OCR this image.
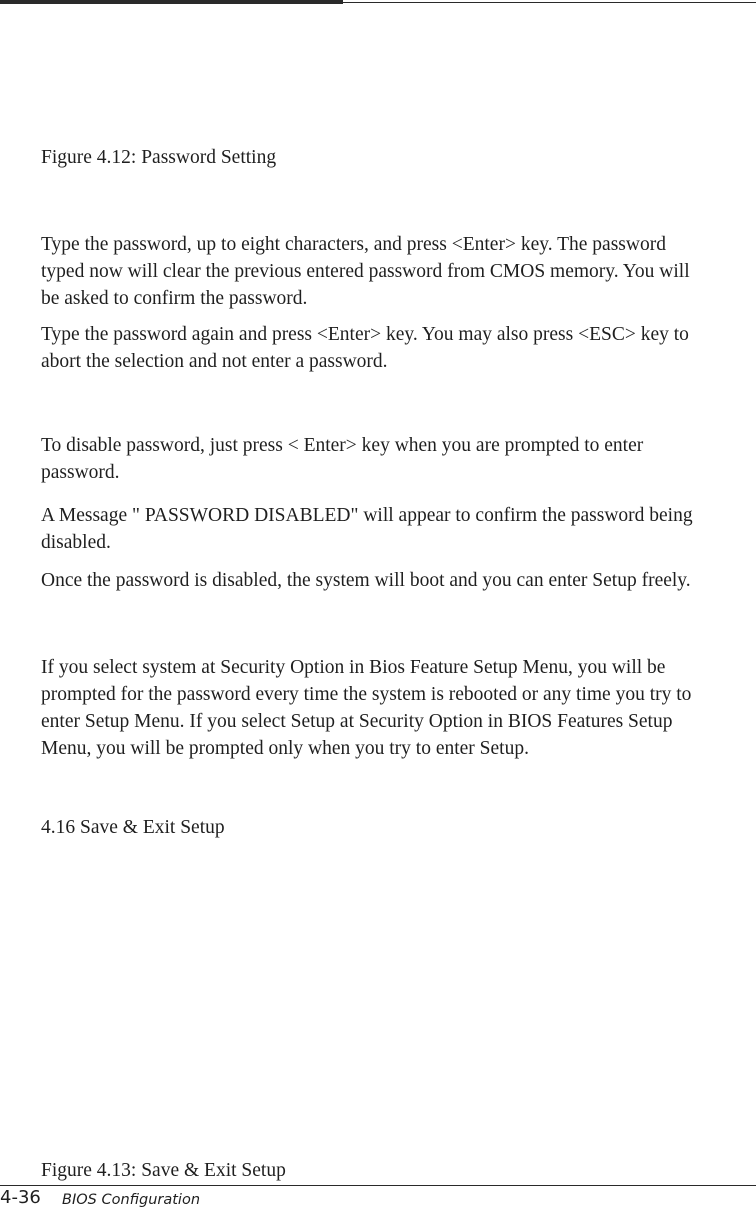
Figure 4.12: Password Setting

Type the password, up to eight characters, and press <Enter> key. The password
typed now will clear the previous entered password from CMOS memory. You will
be asked to confirm the password.

Type the password again and press <Enter> key. You may also press <ESC> key to
abort the selection and not enter a password.

To disable password, just press < Enter> key when you are prompted to enter
password.

A Message " PASSWORD DISABLED" will appear to confirm the password being
disabled.

Once the password is disabled, the system will boot and you can enter Setup freely.

If you select system at Security Option in Bios Feature Setup Menu, you will be
prompted for the password every time the system is rebooted or any time you try to
enter Setup Menu. If you select Setup at Security Option in BIOS Features Setup
Menu, you will be prompted only when you try to enter Setup.

4.16 Save & Exit Setup

Figure 4.13: Save & Exit Setup

4-36 BIOS Configuration
